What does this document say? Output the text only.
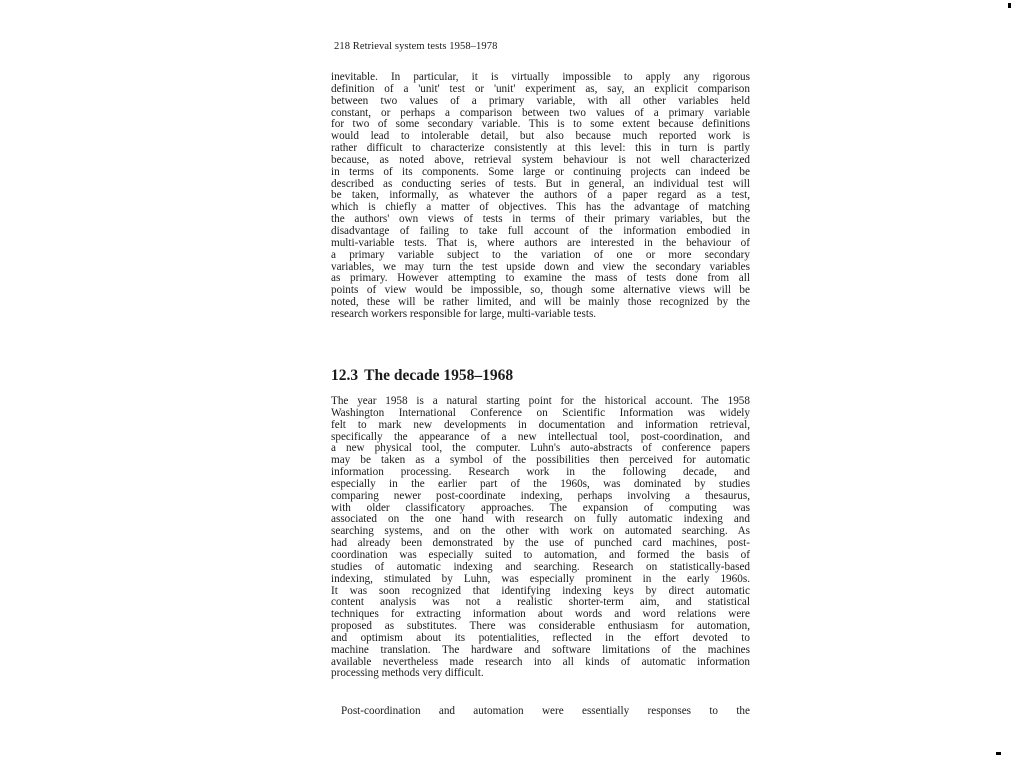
218 Retrieval system tests 1958–1978
inevitable. In particular, it is virtually impossible to apply any rigorous
definition of a 'unit' test or 'unit' experiment as, say, an explicit comparison
between two values of a primary variable, with all other variables held
constant, or perhaps a comparison between two values of a primary variable
for two of some secondary variable. This is to some extent because definitions
would lead to intolerable detail, but also because much reported work is
rather difficult to characterize consistently at this level: this in turn is partly
because, as noted above, retrieval system behaviour is not well characterized
in terms of its components. Some large or continuing projects can indeed be
described as conducting series of tests. But in general, an individual test will
be taken, informally, as whatever the authors of a paper regard as a test,
which is chiefly a matter of objectives. This has the advantage of matching
the authors' own views of tests in terms of their primary variables, but the
disadvantage of failing to take full account of the information embodied in
multi-variable tests. That is, where authors are interested in the behaviour of
a primary variable subject to the variation of one or more secondary
variables, we may turn the test upside down and view the secondary variables
as primary. However attempting to examine the mass of tests done from all
points of view would be impossible, so, though some alternative views will be
noted, these will be rather limited, and will be mainly those recognized by the
research workers responsible for large, multi-variable tests.
12.3 The decade 1958–1968
The year 1958 is a natural starting point for the historical account. The 1958
Washington International Conference on Scientific Information was widely
felt to mark new developments in documentation and information retrieval,
specifically the appearance of a new intellectual tool, post-coordination, and
a new physical tool, the computer. Luhn's auto-abstracts of conference papers
may be taken as a symbol of the possibilities then perceived for automatic
information processing. Research work in the following decade, and
especially in the earlier part of the 1960s, was dominated by studies
comparing newer post-coordinate indexing, perhaps involving a thesaurus,
with older classificatory approaches. The expansion of computing was
associated on the one hand with research on fully automatic indexing and
searching systems, and on the other with work on automated searching. As
had already been demonstrated by the use of punched card machines, post-
coordination was especially suited to automation, and formed the basis of
studies of automatic indexing and searching. Research on statistically-based
indexing, stimulated by Luhn, was especially prominent in the early 1960s.
It was soon recognized that identifying indexing keys by direct automatic
content analysis was not a realistic shorter-term aim, and statistical
techniques for extracting information about words and word relations were
proposed as substitutes. There was considerable enthusiasm for automation,
and optimism about its potentialities, reflected in the effort devoted to
machine translation. The hardware and software limitations of the machines
available nevertheless made research into all kinds of automatic information
processing methods very difficult.
Post-coordination and automation were essentially responses to the
